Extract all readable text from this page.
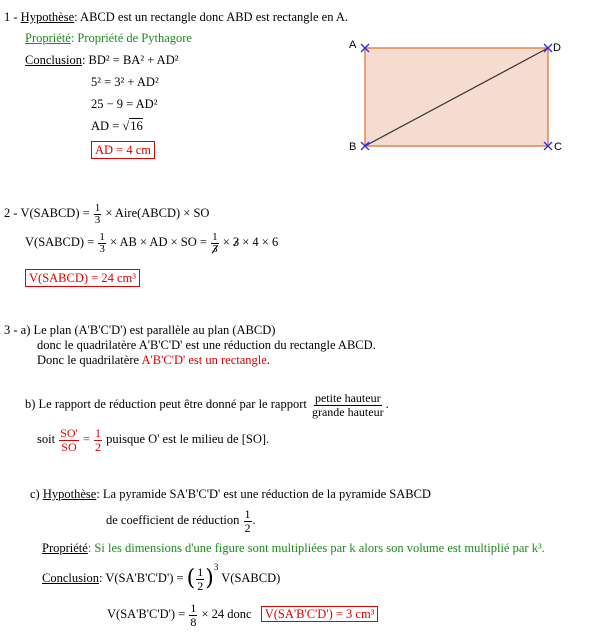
1 - Hypothèse: ABCD est un rectangle donc ABD est rectangle en A.
Propriété: Propriété de Pythagore
Conclusion: BD² = BA² + AD²
5² = 3² + AD²
25 − 9 = AD²
AD = √16
AD = 4 cm
A	D
B	C
2 - V(SABCD) = $\frac{1}{3}$ × Aire(ABCD) × SO
V(SABCD) = $\frac{1}{3}$ × AB × AD × SO = $\frac{1}{3} \times 3 \times 4 \times 6$
V(SABCD) = 24 cm³
3 - a) Le plan (A'B'C'D') est parallèle au plan (ABCD)
donc le quadrilatère A'B'C'D' est une réduction du rectangle ABCD.
Donc le quadrilatère A'B'C'D' est un rectangle.
b) Le rapport de réduction peut être donné par le rapport $\frac{\text{petite hauteur}}{\text{grande hauteur}}$ .
soit $\frac{SO'}{SO} = \frac{1}{2}$ puisque O' est le milieu de [SO].
c) Hypothèse: La pyramide SA'B'C'D' est une réduction de la pyramide SABCD
de coefficient de réduction $\frac{1}{2}$ .
Propriété: Si les dimensions d'une figure sont multipliées par k alors son volume est multiplié par k³.
Conclusion: V(SA'B'C'D') = ( $\frac{1}{2} )^3$ V(SABCD)
$V(SA'B'C'D') = \frac{1}{8} \times 24$ donc V(SA'B'C'D') = 3 cm³
